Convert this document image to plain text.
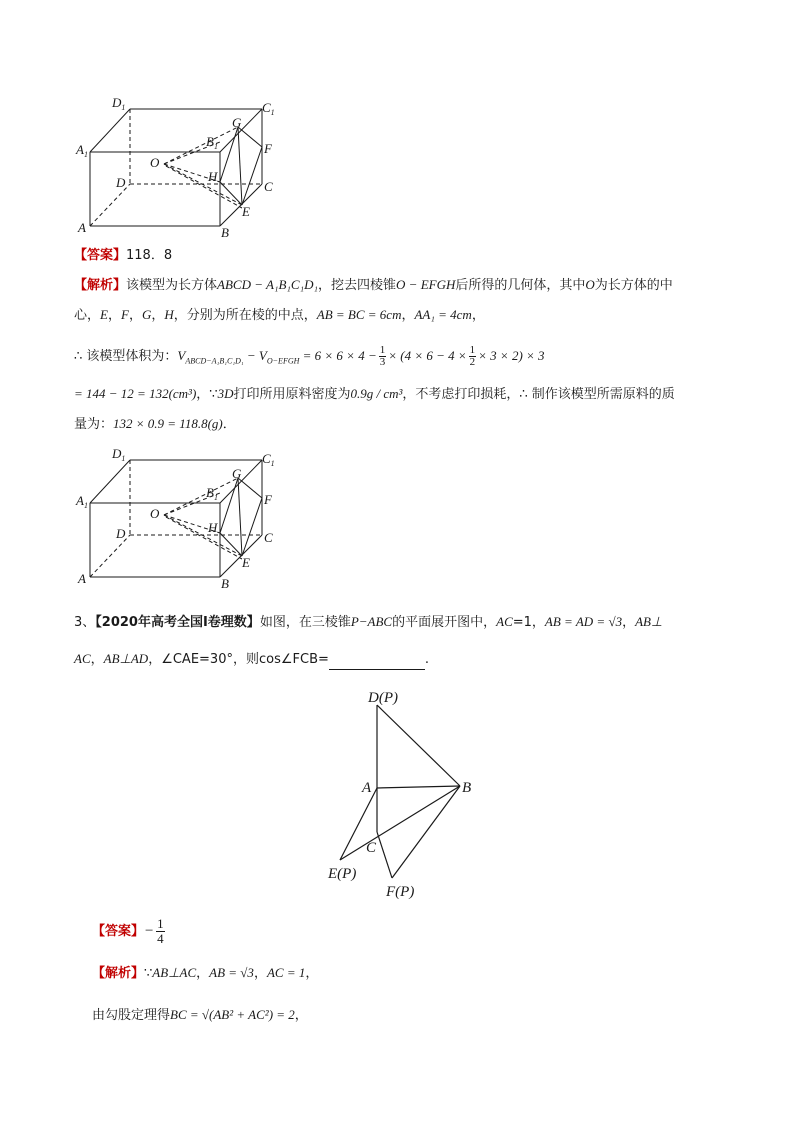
$D_1$	$C_1$
$A_1$
$B_1$
G
F
O
H
D	C
E
A	B
【答案】118．8
【解析】该模型为长方体ABCD − A₁B₁C₁D₁，挖去四棱锥O − EFGH后所得的几何体，其中O为长方体的中
心，E，F，G，H，分别为所在棱的中点，AB = BC = 6cm，AA₁ = 4cm，
∴ 该模型体积为：$V_{ABCD-A_1B_1C_1D_1} - V_{O-EFGH} = 6 \times 6 \times 4 - \frac{1}{3} \times (4 \times 6 - 4 \times \frac{1}{2} \times 3 \times 2) \times 3$
= 144 − 12 = 132(cm³)，∵3D打印所用原料密度为0.9g / cm³，不考虑打印损耗，∴ 制作该模型所需原料的质
量为：132 × 0.9 = 118.8(g)．
$D_1$	$C_1$
$A_1$
$B_1$
G
F
O
H
D	C
E
A	B
3、【2020年高考全国Ⅰ卷理数】如图，在三棱锥P−ABC的平面展开图中，AC=1，AB = AD = √3，AB⊥
AC，AB⊥AD，∠CAE=30°，则cos∠FCB=	.
D(P)
A	B
C
E(P)
F(P)
【答案】− $\frac{1}{4}$
【解析】∵AB⊥AC，AB = √3，AC = 1，
由勾股定理得BC = √(AB² + AC²) = 2，
